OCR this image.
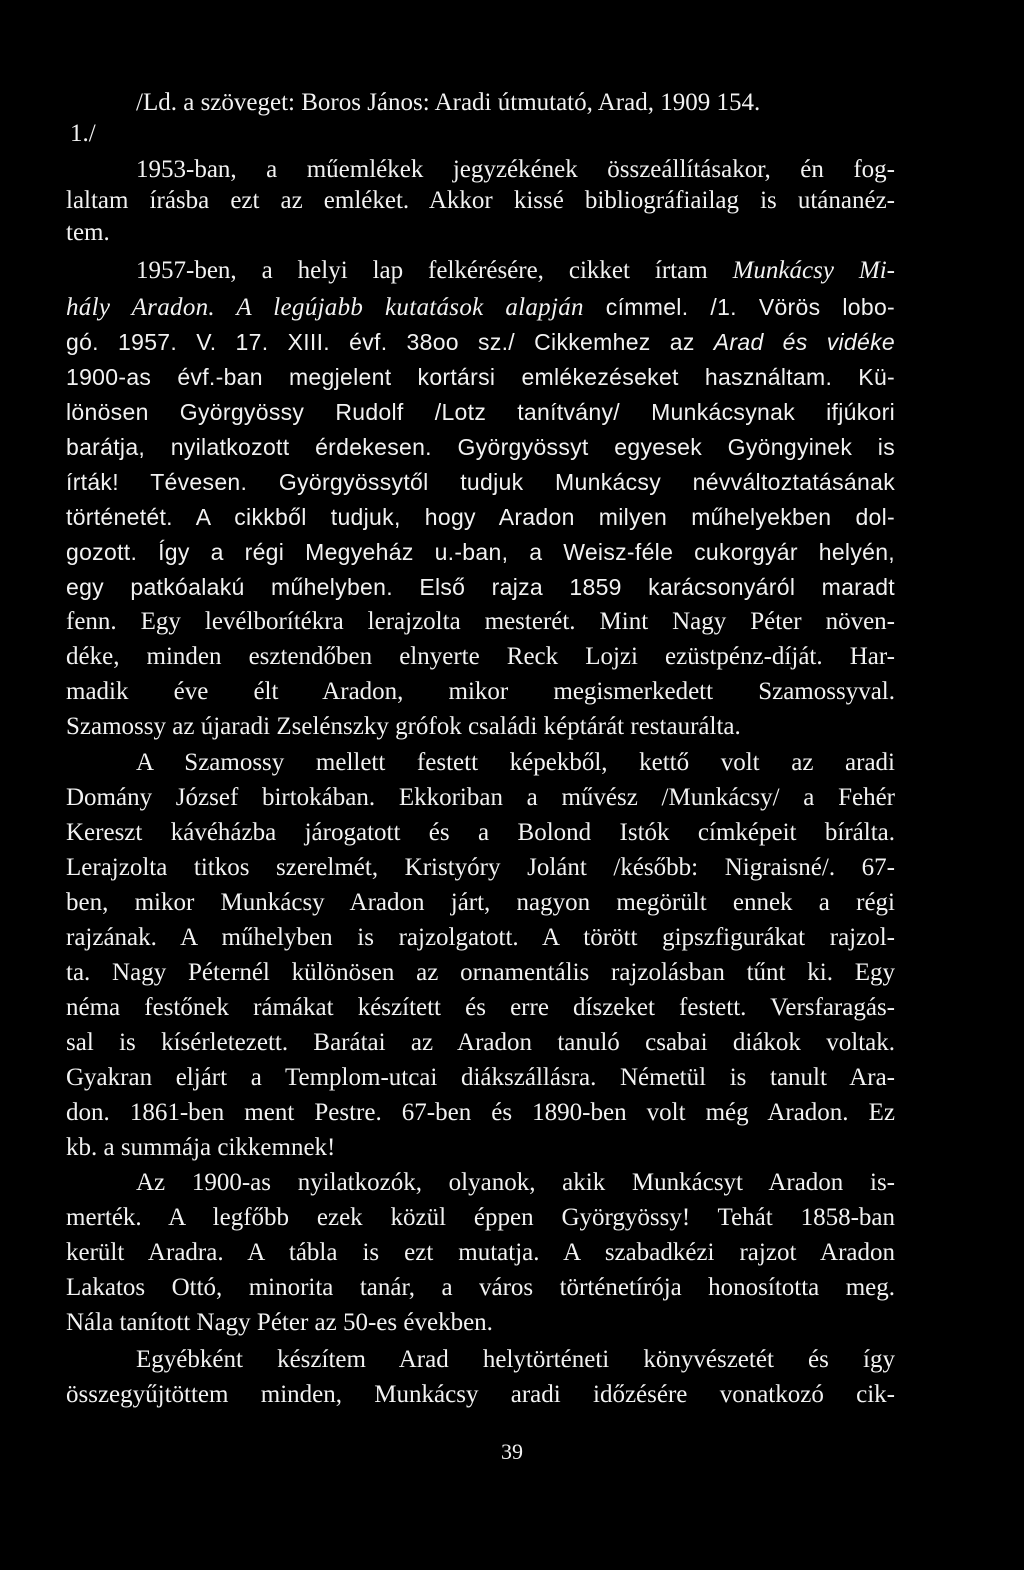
/Ld. a szöveget: Boros János: Aradi útmutató, Arad, 1909 154.
1./
1953-ban, a műemlékek jegyzékének összeállításakor, én fog-
laltam írásba ezt az emléket. Akkor kissé bibliográfiailag is utánanéz-
tem.
1957-ben, a helyi lap felkérésére, cikket írtam Munkácsy Mi-
hály Aradon. A legújabb kutatások alapján címmel. /1. Vörös lobo-
gó. 1957. V. 17. XIII. évf. 38oo sz./ Cikkemhez az Arad és vidéke
1900-as évf.-ban megjelent kortársi emlékezéseket használtam. Kü-
lönösen Györgyössy Rudolf /Lotz tanítvány/ Munkácsynak ifjúkori
barátja, nyilatkozott érdekesen. Györgyössyt egyesek Gyöngyinek is
írták! Tévesen. Györgyössytől tudjuk Munkácsy névváltoztatásának
történetét. A cikkből tudjuk, hogy Aradon milyen műhelyekben dol-
gozott. Így a régi Megyeház u.-ban, a Weisz-féle cukorgyár helyén,
egy patkóalakú műhelyben. Első rajza 1859 karácsonyáról maradt
fenn. Egy levélborítékra lerajzolta mesterét. Mint Nagy Péter növen-
déke, minden esztendőben elnyerte Reck Lojzi ezüstpénz-díját. Har-
madik éve élt Aradon, mikor megismerkedett Szamossyval.
Szamossy az újaradi Zselénszky grófok családi képtárát restaurálta.
A Szamossy mellett festett képekből, kettő volt az aradi
Domány József birtokában. Ekkoriban a művész /Munkácsy/ a Fehér
Kereszt kávéházba járogatott és a Bolond Istók címképeit bírálta.
Lerajzolta titkos szerelmét, Kristyóry Jolánt /később: Nigraisné/. 67-
ben, mikor Munkácsy Aradon járt, nagyon megörült ennek a régi
rajzának. A műhelyben is rajzolgatott. A törött gipszfigurákat rajzol-
ta. Nagy Péternél különösen az ornamentális rajzolásban tűnt ki. Egy
néma festőnek rámákat készített és erre díszeket festett. Versfaragás-
sal is kísérletezett. Barátai az Aradon tanuló csabai diákok voltak.
Gyakran eljárt a Templom-utcai diákszállásra. Németül is tanult Ara-
don. 1861-ben ment Pestre. 67-ben és 1890-ben volt még Aradon. Ez
kb. a summája cikkemnek!
Az 1900-as nyilatkozók, olyanok, akik Munkácsyt Aradon is-
merték. A legfőbb ezek közül éppen Györgyössy! Tehát 1858-ban
került Aradra. A tábla is ezt mutatja. A szabadkézi rajzot Aradon
Lakatos Ottó, minorita tanár, a város történetírója honosította meg.
Nála tanított Nagy Péter az 50-es években.
Egyébként készítem Arad helytörténeti könyvészetét és így
összegyűjtöttem minden, Munkácsy aradi időzésére vonatkozó cik-
39
